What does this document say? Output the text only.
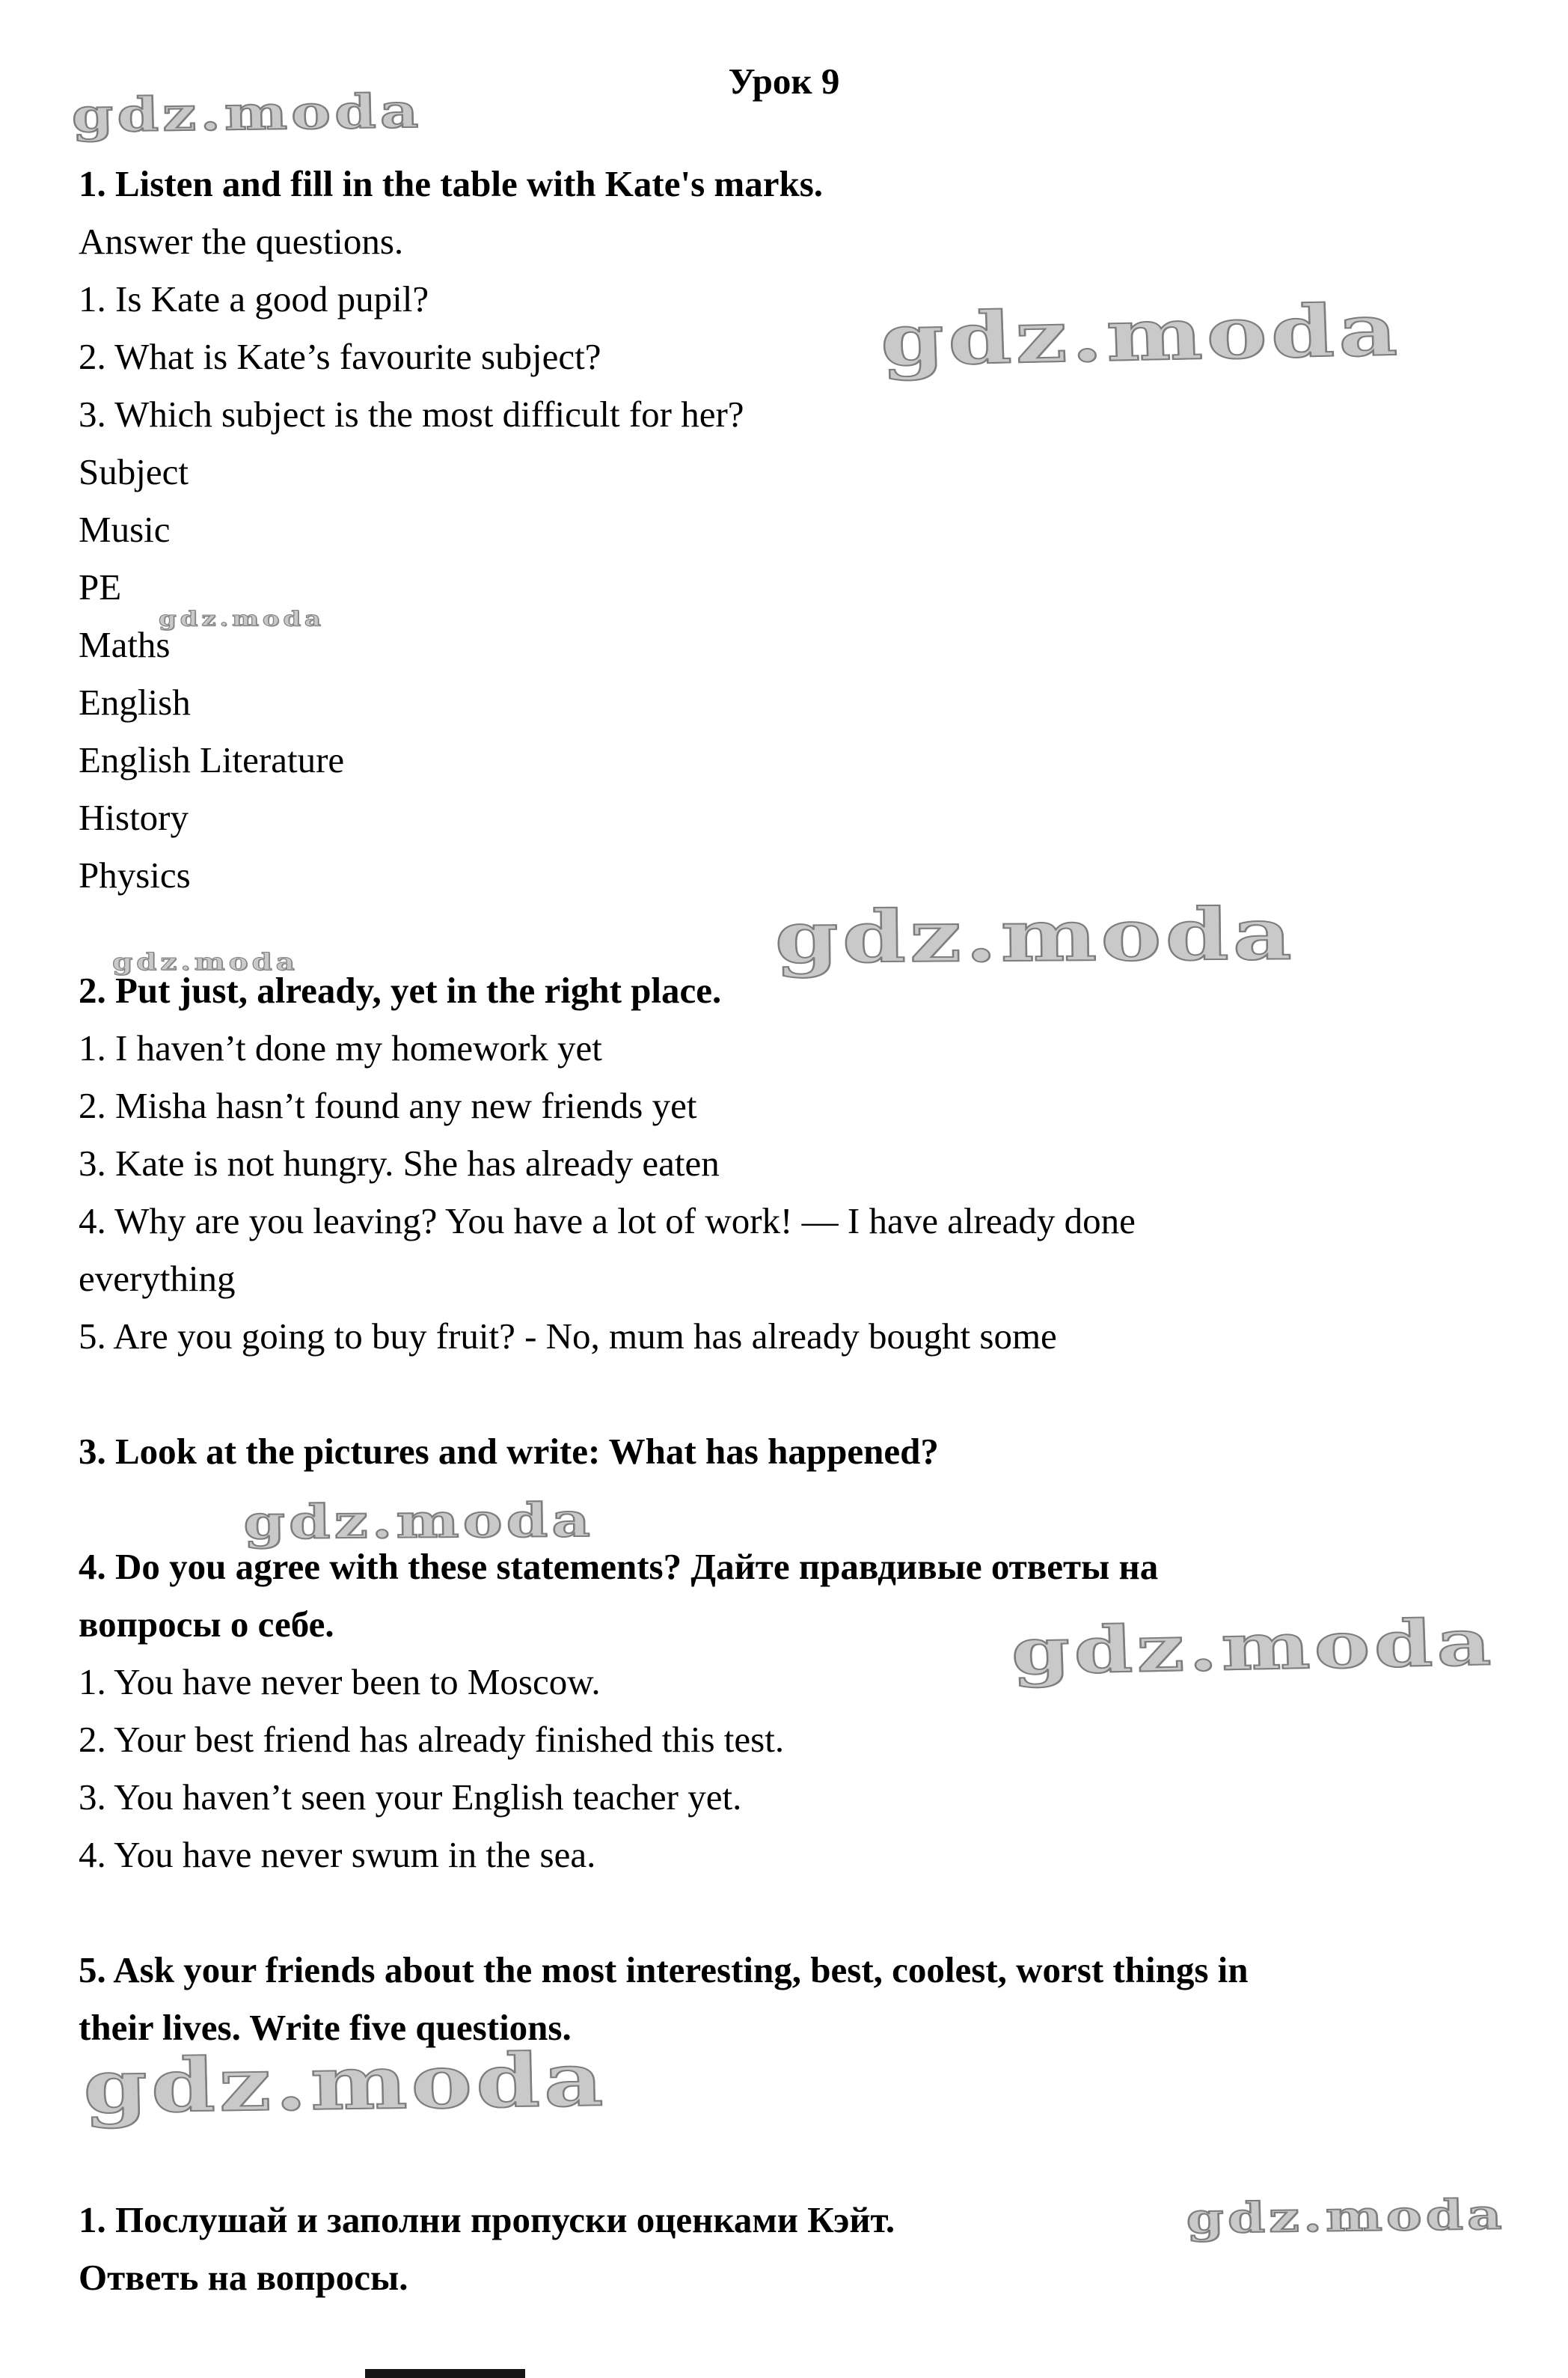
gdz.moda
gdz.moda
gdz.moda
gdz.moda
gdz.moda
gdz.moda
gdz.moda
gdz.moda
gdz.moda

Урок 9

1. Listen and fill in the table with Kate's marks.

Answer the questions.

1. Is Kate a good pupil?

2. What is Kate’s favourite subject?

3. Which subject is the most difficult for her?

Subject

Music

PE

Maths

English

English Literature

History

Physics

2. Put just, already, yet in the right place.

1. I haven’t done my homework yet

2. Misha hasn’t found any new friends yet

3. Kate is not hungry. She has already eaten

4. Why are you leaving? You have a lot of work! — I have already done

everything

5. Are you going to buy fruit? - No, mum has already bought some

3. Look at the pictures and write: What has happened?

4. Do you agree with these statements? Дайте правдивые ответы на

вопросы о себе.

1. You have never been to Moscow.

2. Your best friend has already finished this test.

3. You haven’t seen your English teacher yet.

4. You have never swum in the sea.

5. Ask your friends about the most interesting, best, coolest, worst things in

their lives. Write five questions.

1. Послушай и заполни пропуски оценками Кэйт.

Ответь на вопросы.
